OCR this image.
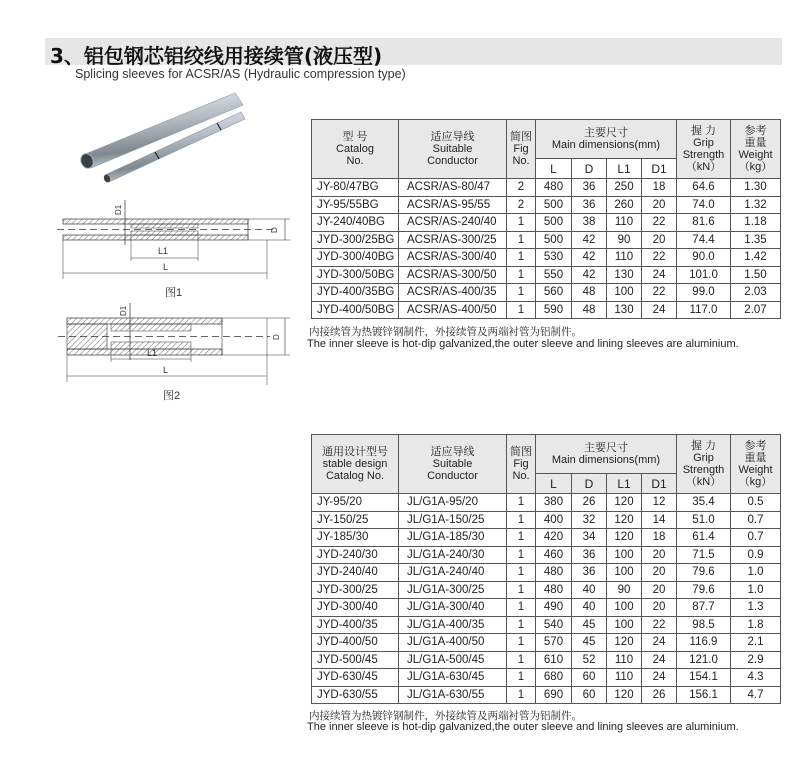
3、铝包钢芯铝绞线用接续管(液压型)
Splicing sleeves for ACSR/AS (Hydraulic compression type)
D1
D
L1
L
图1
D1
D
L1
L
图2
型 号
Catalog
No.	适应导线
Suitable
Conductor	简图
Fig
No.	主要尺寸
Main dimensions(mm)				握 力
Grip
Strength
（kN）	参考
重量
Weight
（kg）
			L	D	L1	D1		
JY-80/47BG	ACSR/AS-80/47	2	480	36	250	18	64.6	1.30
JY-95/55BG	ACSR/AS-95/55	2	500	36	260	20	74.0	1.32
JY-240/40BG	ACSR/AS-240/40	1	500	38	110	22	81.6	1.18
JYD-300/25BG	ACSR/AS-300/25	1	500	42	90	20	74.4	1.35
JYD-300/40BG	ACSR/AS-300/40	1	530	42	110	22	90.0	1.42
JYD-300/50BG	ACSR/AS-300/50	1	550	42	130	24	101.0	1.50
JYD-400/35BG	ACSR/AS-400/35	1	560	48	100	22	99.0	2.03
JYD-400/50BG	ACSR/AS-400/50	1	590	48	130	24	117.0	2.07
内接续管为热镀锌钢制件，外接续管及两端衬管为铝制件。
The inner sleeve is hot-dip galvanized,the outer sleeve and lining sleeves are aluminium.
通用设计型号
stable design
Catalog No.	适应导线
Suitable
Conductor	简图
Fig
No.	主要尺寸
Main dimensions(mm)				握 力
Grip
Strength
（kN）	参考
重量
Weight
（kg）
			L	D	L1	D1		
JY-95/20	JL/G1A-95/20	1	380	26	120	12	35.4	0.5
JY-150/25	JL/G1A-150/25	1	400	32	120	14	51.0	0.7
JY-185/30	JL/G1A-185/30	1	420	34	120	18	61.4	0.7
JYD-240/30	JL/G1A-240/30	1	460	36	100	20	71.5	0.9
JYD-240/40	JL/G1A-240/40	1	480	36	100	20	79.6	1.0
JYD-300/25	JL/G1A-300/25	1	480	40	90	20	79.6	1.0
JYD-300/40	JL/G1A-300/40	1	490	40	100	20	87.7	1.3
JYD-400/35	JL/G1A-400/35	1	540	45	100	22	98.5	1.8
JYD-400/50	JL/G1A-400/50	1	570	45	120	24	116.9	2.1
JYD-500/45	JL/G1A-500/45	1	610	52	110	24	121.0	2.9
JYD-630/45	JL/G1A-630/45	1	680	60	110	24	154.1	4.3
JYD-630/55	JL/G1A-630/55	1	690	60	120	26	156.1	4.7
内接续管为热镀锌钢制件，外接续管及两端衬管为铝制件。
The inner sleeve is hot-dip galvanized,the outer sleeve and lining sleeves are aluminium.
